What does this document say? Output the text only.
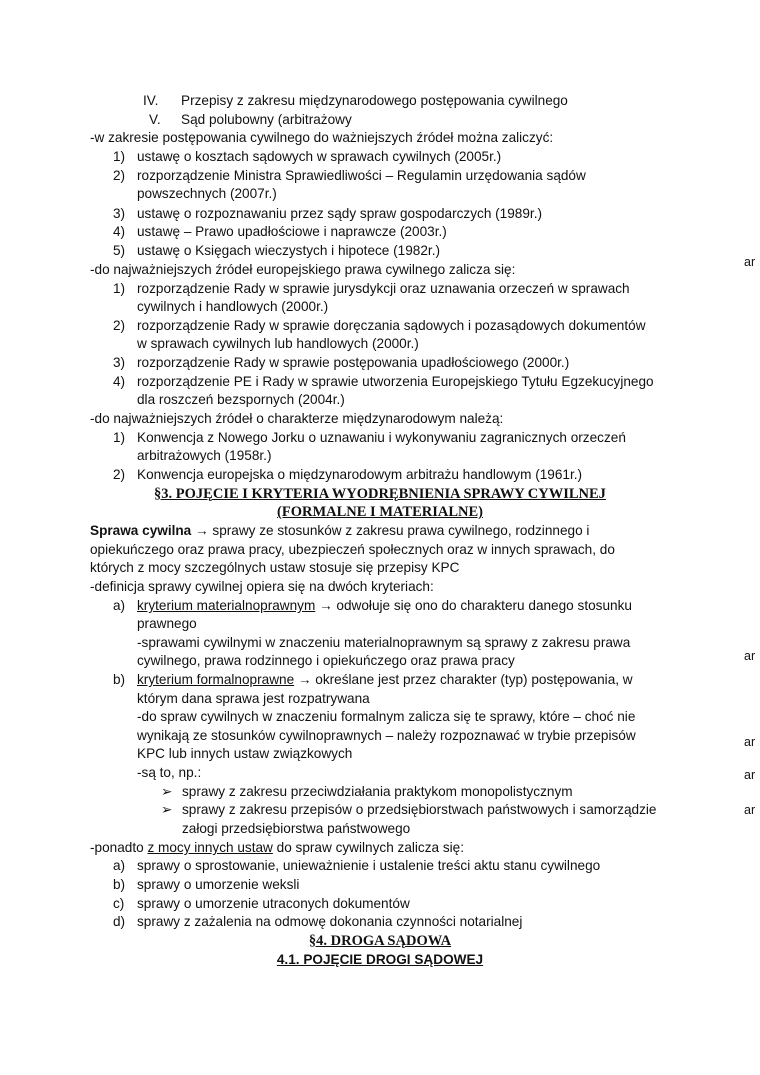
IV. Przepisy z zakresu międzynarodowego postępowania cywilnego
V. Sąd polubowny (arbitrażowy
-w zakresie postępowania cywilnego do ważniejszych źródeł można zaliczyć:
1) ustawę o kosztach sądowych w sprawach cywilnych (2005r.)
2) rozporządzenie Ministra Sprawiedliwości – Regulamin urzędowania sądów
powszechnych (2007r.)
3) ustawę o rozpoznawaniu przez sądy spraw gospodarczych (1989r.)
4) ustawę – Prawo upadłościowe i naprawcze (2003r.)
5) ustawę o Księgach wieczystych i hipotece (1982r.)
-do najważniejszych źródeł europejskiego prawa cywilnego zalicza się:
1) rozporządzenie Rady w sprawie jurysdykcji oraz uznawania orzeczeń w sprawach
cywilnych i handlowych (2000r.)
2) rozporządzenie Rady w sprawie doręczania sądowych i pozasądowych dokumentów
w sprawach cywilnych lub handlowych (2000r.)
3) rozporządzenie Rady w sprawie postępowania upadłościowego (2000r.)
4) rozporządzenie PE i Rady w sprawie utworzenia Europejskiego Tytułu Egzekucyjnego
dla roszczeń bezspornych (2004r.)
-do najważniejszych źródeł o charakterze międzynarodowym należą:
1) Konwencja z Nowego Jorku o uznawaniu i wykonywaniu zagranicznych orzeczeń
arbitrażowych (1958r.)
2) Konwencja europejska o międzynarodowym arbitrażu handlowym (1961r.)
§3. POJĘCIE I KRYTERIA WYODRĘBNIENIA SPRAWY CYWILNEJ
(FORMALNE I MATERIALNE)
Sprawa cywilna → sprawy ze stosunków z zakresu prawa cywilnego, rodzinnego i
opiekuńczego oraz prawa pracy, ubezpieczeń społecznych oraz w innych sprawach, do
których z mocy szczególnych ustaw stosuje się przepisy KPC
-definicja sprawy cywilnej opiera się na dwóch kryteriach:
a) kryterium materialnoprawnym → odwołuje się ono do charakteru danego stosunku
prawnego
-sprawami cywilnymi w znaczeniu materialnoprawnym są sprawy z zakresu prawa
cywilnego, prawa rodzinnego i opiekuńczego oraz prawa pracy
b) kryterium formalnoprawne → określane jest przez charakter (typ) postępowania, w
którym dana sprawa jest rozpatrywana
-do spraw cywilnych w znaczeniu formalnym zalicza się te sprawy, które – choć nie
wynikają ze stosunków cywilnoprawnych – należy rozpoznawać w trybie przepisów
KPC lub innych ustaw związkowych
-są to, np.:
➢ sprawy z zakresu przeciwdziałania praktykom monopolistycznym
➢ sprawy z zakresu przepisów o przedsiębiorstwach państwowych i samorządzie
załogi przedsiębiorstwa państwowego
-ponadto z mocy innych ustaw do spraw cywilnych zalicza się:
a) sprawy o sprostowanie, unieważnienie i ustalenie treści aktu stanu cywilnego
b) sprawy o umorzenie weksli
c) sprawy o umorzenie utraconych dokumentów
d) sprawy z zażalenia na odmowę dokonania czynności notarialnej
§4. DROGA SĄDOWA
4.1. POJĘCIE DROGI SĄDOWEJ
ar
ar
ar
ar
ar
